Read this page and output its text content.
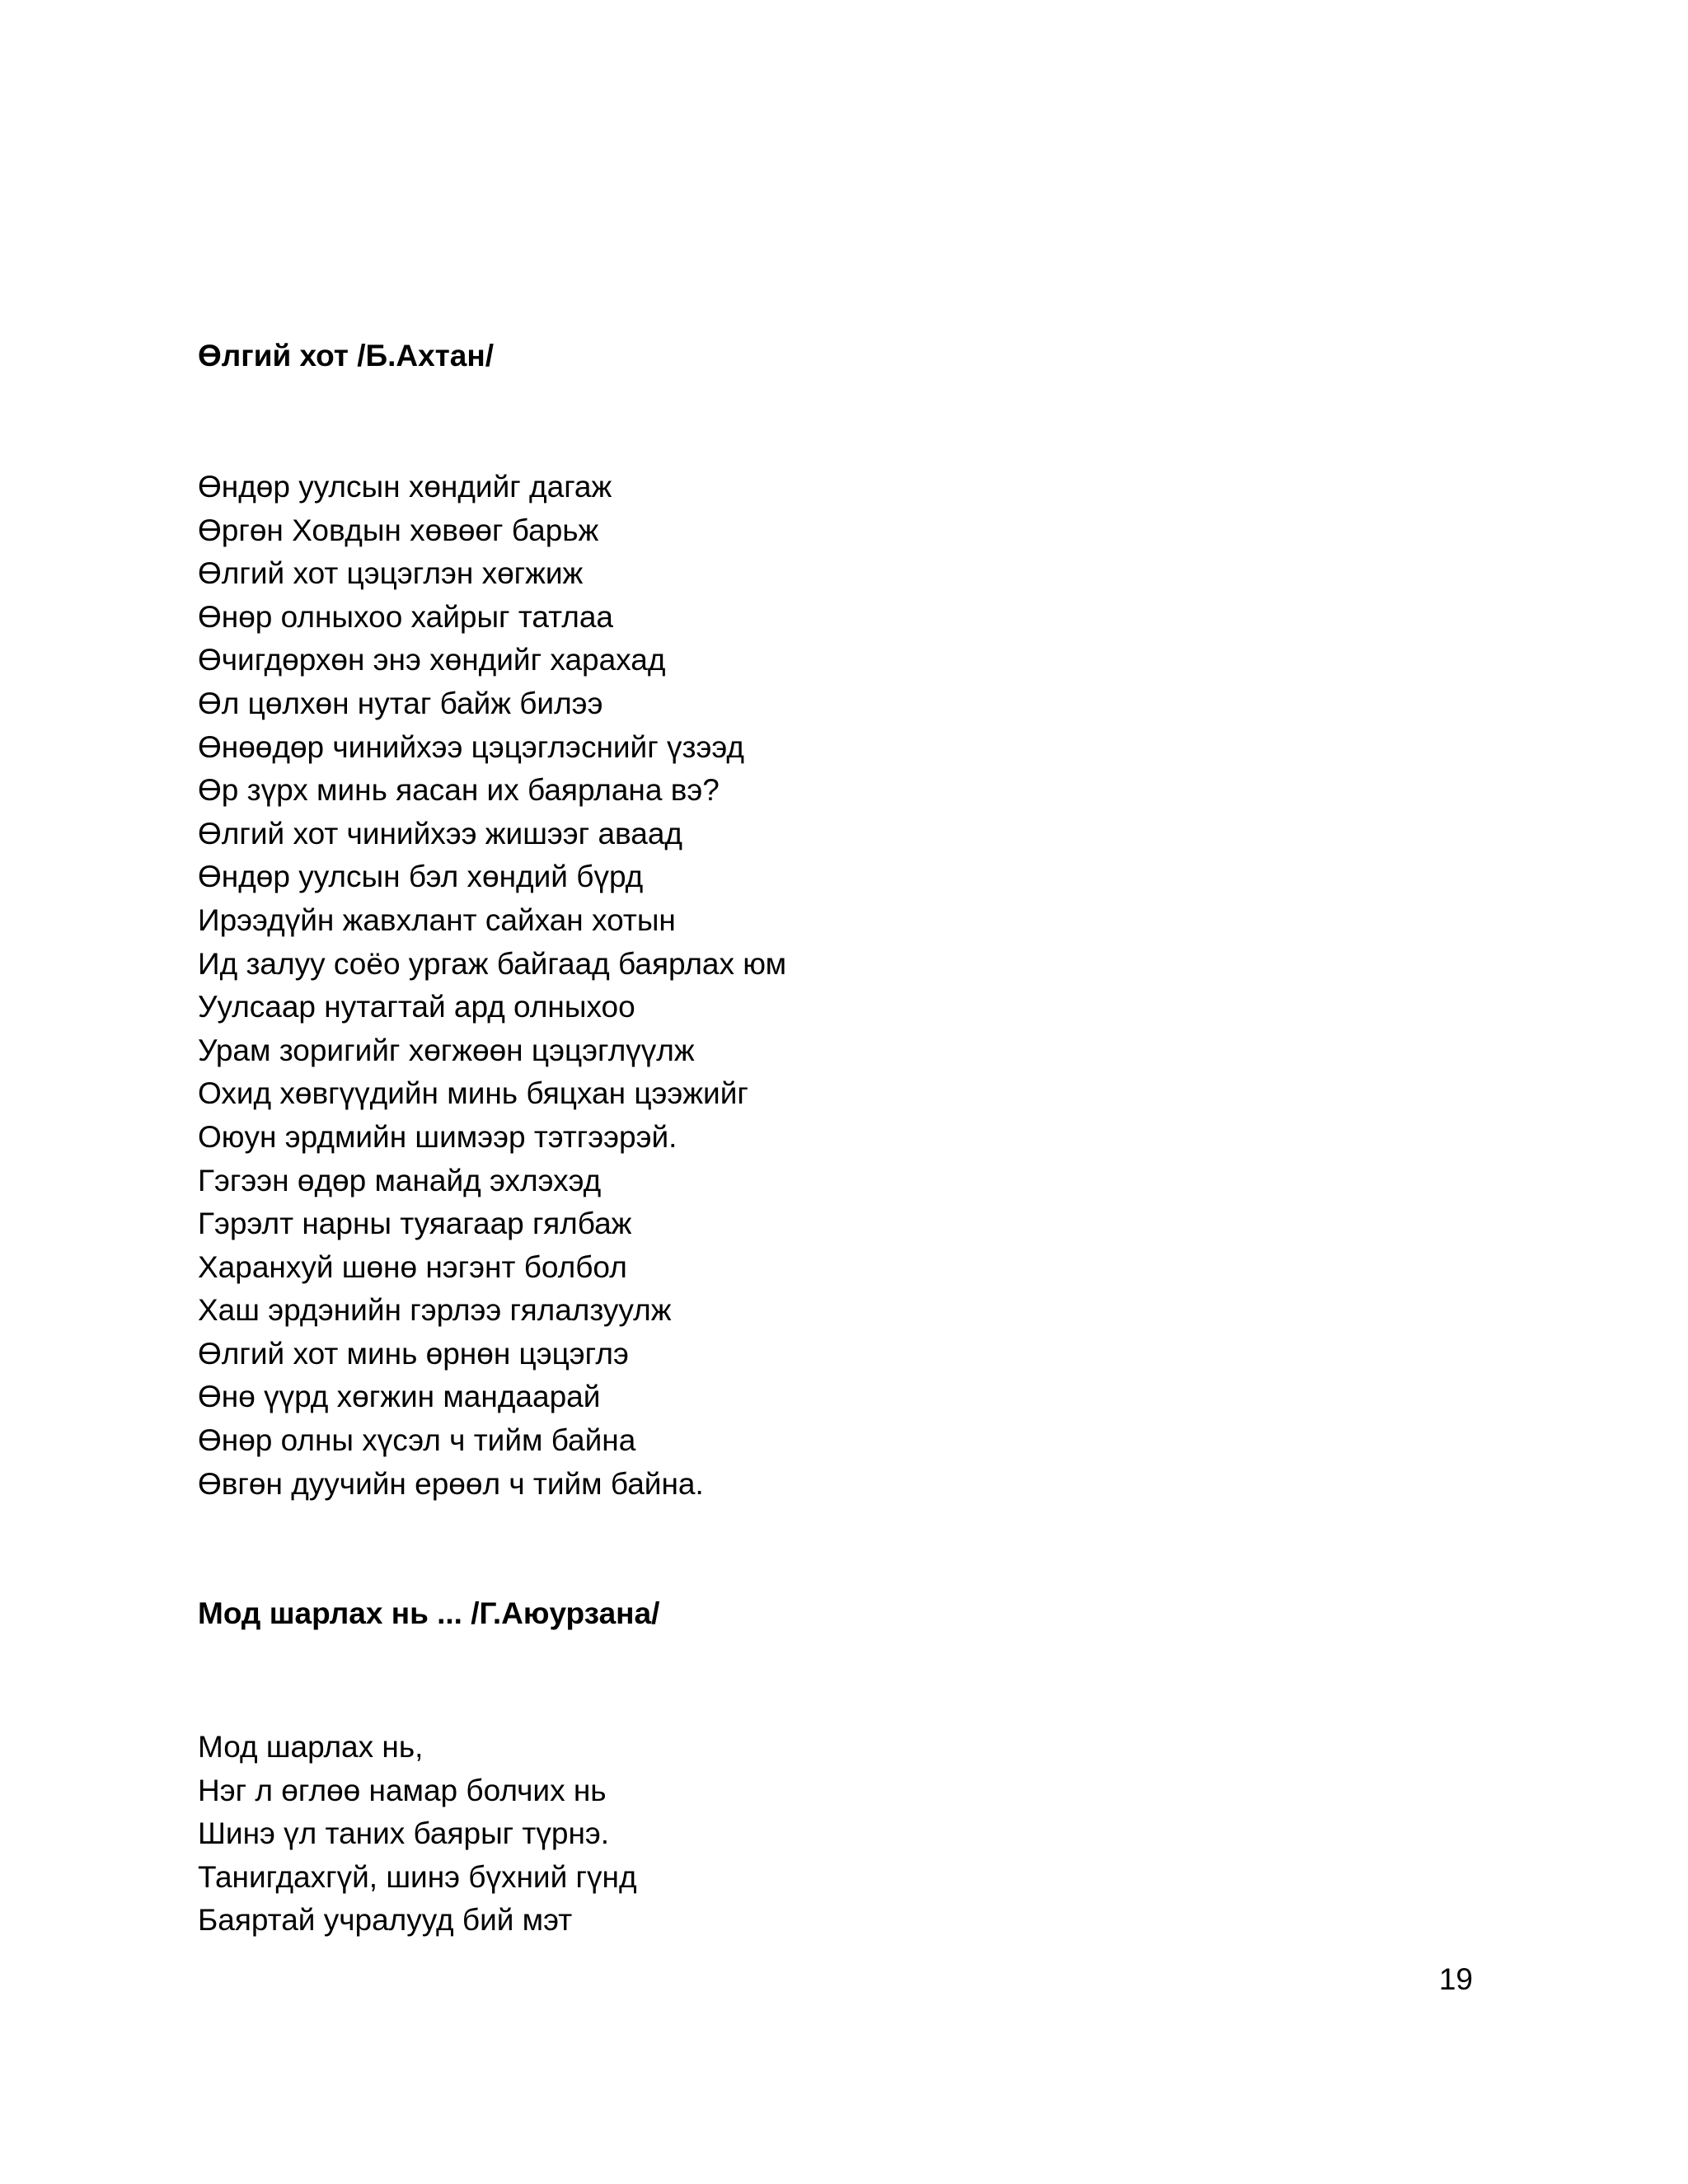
Өлгий хот /Б.Ахтан/
Өндөр уулсын хөндийг дагаж
Өргөн Ховдын хөвөөг барьж
Өлгий хот цэцэглэн хөгжиж
Өнөр олныхоо хайрыг татлаа
Өчигдөрхөн энэ хөндийг харахад
Өл цөлхөн нутаг байж билээ
Өнөөдөр чинийхээ цэцэглэснийг үзээд
Өр зүрх минь яасан их баярлана вэ?
Өлгий хот чинийхээ жишээг аваад
Өндөр уулсын бэл хөндий бүрд
Ирээдүйн жавхлант сайхан хотын
Ид залуу соёо ургаж байгаад баярлах юм
Уулсаар нутагтай ард олныхоо
Урам зоригийг хөгжөөн цэцэглүүлж
Охид хөвгүүдийн минь бяцхан цээжийг
Оюун эрдмийн шимээр тэтгээрэй.
Гэгээн өдөр манайд эхлэхэд
Гэрэлт нарны туяагаар гялбаж
Харанхуй шөнө нэгэнт болбол
Хаш эрдэнийн гэрлээ гялалзуулж
Өлгий хот минь өрнөн цэцэглэ
Өнө үүрд хөгжин мандаарай
Өнөр олны хүсэл ч тийм байна
Өвгөн дуучийн ерөөл ч тийм байна.
Мод шарлах нь ... /Г.Аюурзана/
Мод шарлах нь,
Нэг л өглөө намар болчих нь
Шинэ үл таних баярыг түрнэ.
Танигдахгүй, шинэ бүхний гүнд
Баяртай учралууд бий мэт
19
